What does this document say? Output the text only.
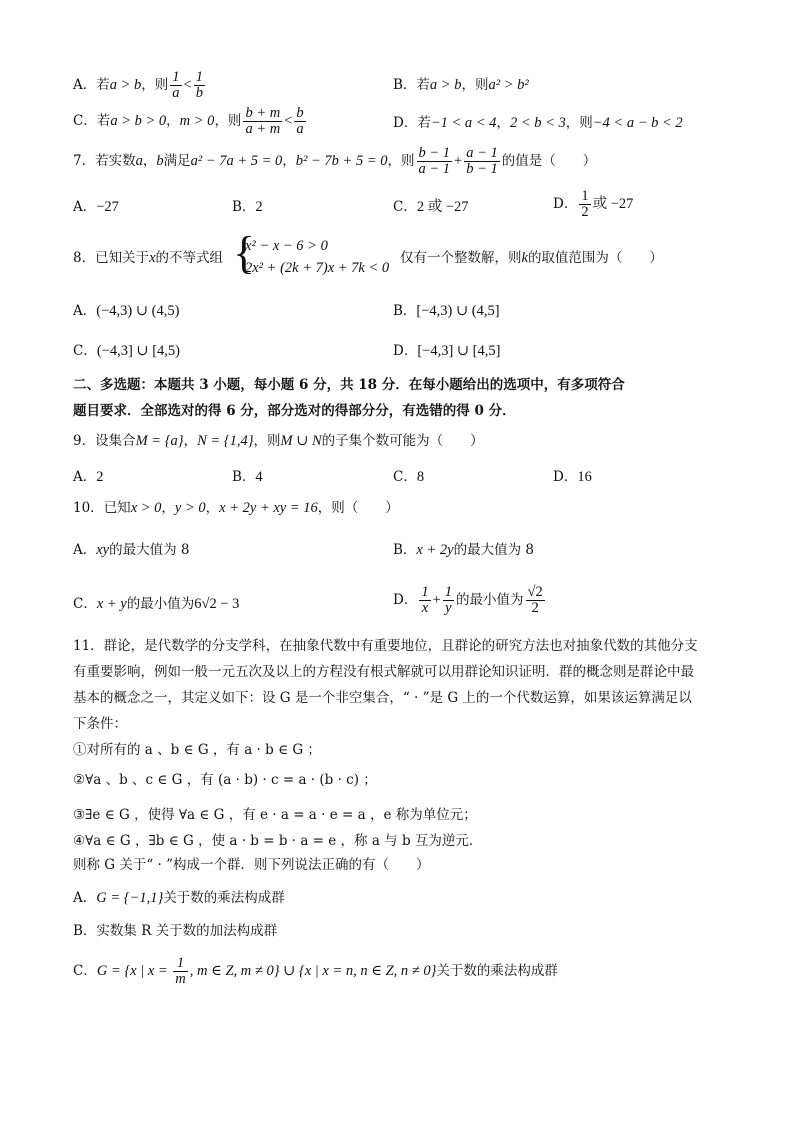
A．若a > b，则 $\frac{1}{a} < \frac{1}{b}$	B．若a > b，则a² > b²
C．若a > b > 0，m > 0，则 $\frac{b + m}{a + m} < \frac{b}{a}$	D．若−1 < a < 4，2 < b < 3，则−4 < a − b < 2
7．若实数a，b满足a² − 7a + 5 = 0，b² − 7b + 5 = 0，则 $\frac{b - 1}{a - 1} + \frac{a - 1}{b - 1}$ 的值是（　　）
A．−27	B．2	C．2 或 −27	D． $\frac{1}{2}$ 或 −27
8．已知关于x的不等式组 {
x² − x − 6 > 0
2x² + (2k + 7)x + 7k < 0
仅有一个整数解，则k的取值范围为（　　）
A．(−4,3) ∪ (4,5)	B．[−4,3) ∪ (4,5]
C．(−4,3] ∪ [4,5)	D．[−4,3] ∪ [4,5]
二、多选题：本题共 3 小题，每小题 6 分，共 18 分．在每小题给出的选项中，有多项符合
题目要求．全部选对的得 6 分，部分选对的得部分分，有选错的得 0 分．
9．设集合M = {a}，N = {1,4}，则M ∪ N的子集个数可能为（　　）
A．2	B．4	C．8	D．16
10．已知x > 0，y > 0，x + 2y + xy = 16，则（　　）
A．xy的最大值为 8	B．x + 2y的最大值为 8
C．x + y的最小值为6√2 − 3	D． $\frac{1}{x} + \frac{1}{y}$ 的最小值为 $\frac{√2}{2}$
11．群论，是代数学的分支学科，在抽象代数中有重要地位，且群论的研究方法也对抽象代数的其他分支
有重要影响，例如一般一元五次及以上的方程没有根式解就可以用群论知识证明．群的概念则是群论中最
基本的概念之一，其定义如下：设 G 是一个非空集合，“ · ”是 G 上的一个代数运算，如果该运算满足以
下条件：
①对所有的 a 、b ∈ G ，有 a · b ∈ G ；
②∀a 、b 、c ∈ G ，有 (a · b) · c = a · (b · c) ；
③∃e ∈ G ，使得 ∀a ∈ G ，有 e · a = a · e = a ，e 称为单位元；
④∀a ∈ G ，∃b ∈ G ，使 a · b = b · a = e ，称 a 与 b 互为逆元．
则称 G 关于“ · ”构成一个群．则下列说法正确的有（　　）
A．G = {−1,1}关于数的乘法构成群
B．实数集 R 关于数的加法构成群
C．G = {x | $x = \frac{1}{m}$ , m ∈ Z, m ≠ 0} ∪ {x | x = n, n ∈ Z, n ≠ 0}关于数的乘法构成群
